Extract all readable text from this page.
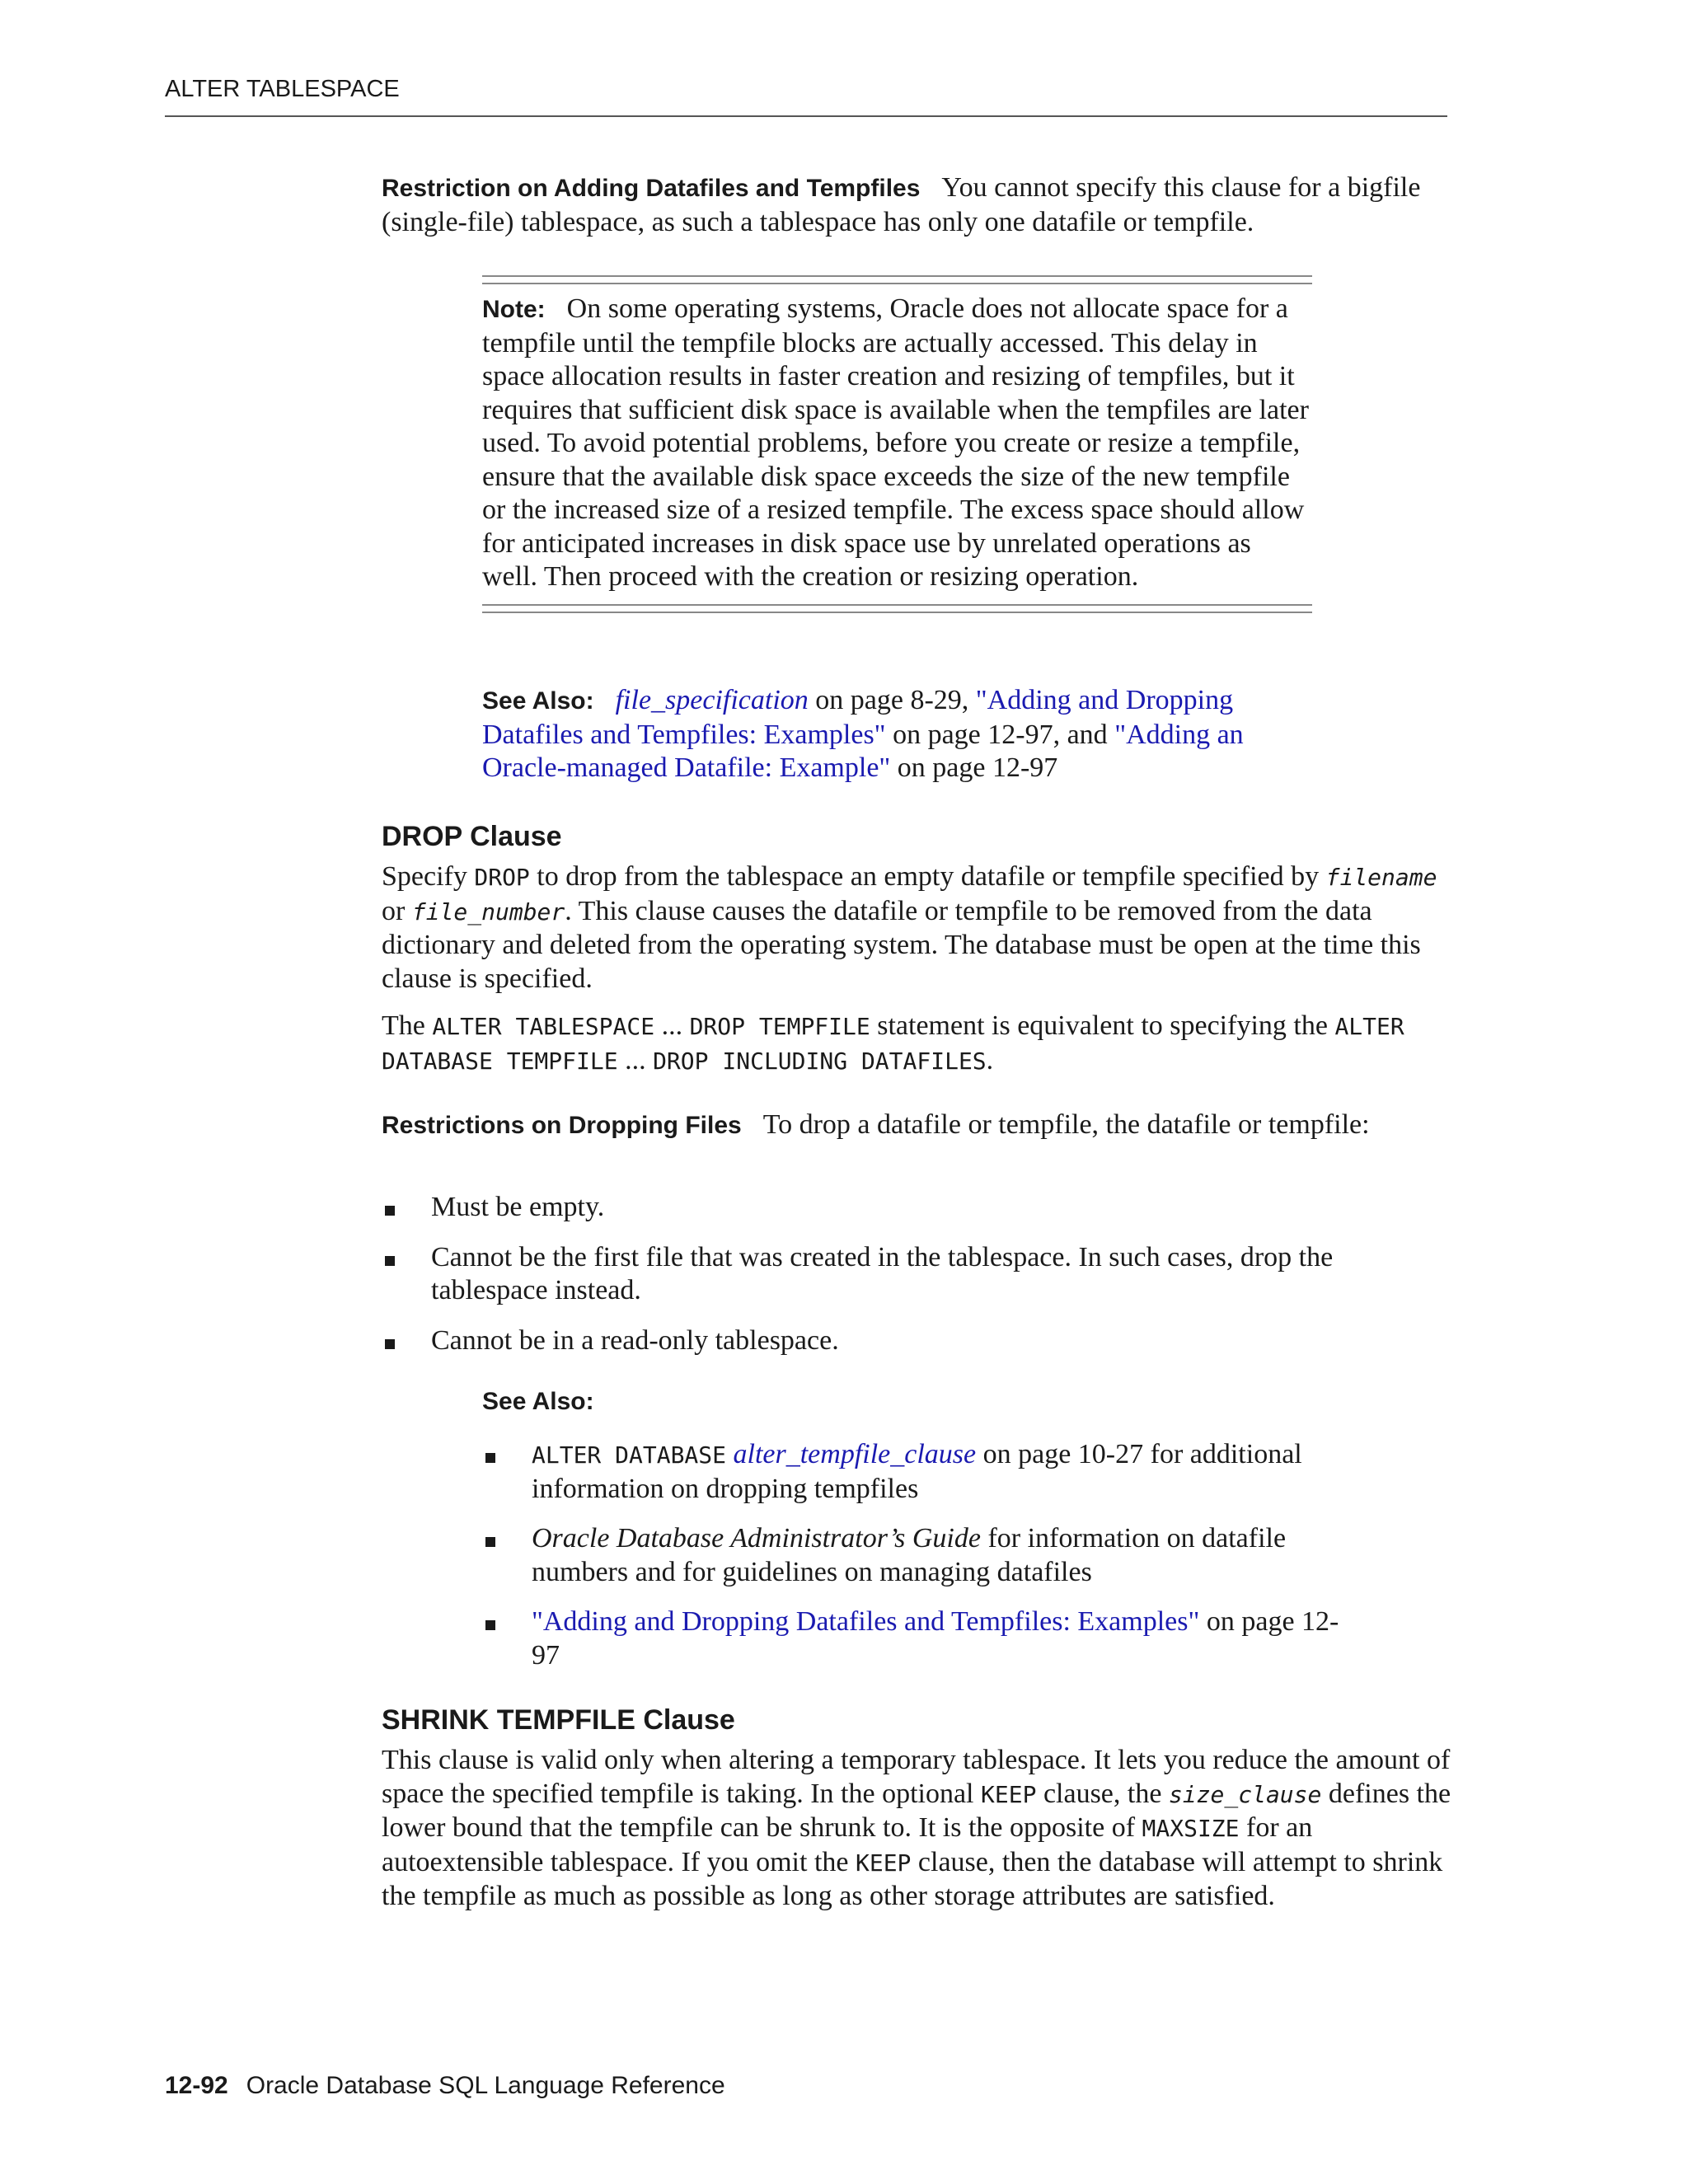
ALTER TABLESPACE
Restriction on Adding Datafiles and Tempfiles You cannot specify this clause for a bigfile (single-file) tablespace, as such a tablespace has only one datafile or tempfile.
Note: On some operating systems, Oracle does not allocate space for a tempfile until the tempfile blocks are actually accessed. This delay in space allocation results in faster creation and resizing of tempfiles, but it requires that sufficient disk space is available when the tempfiles are later used. To avoid potential problems, before you create or resize a tempfile, ensure that the available disk space exceeds the size of the new tempfile or the increased size of a resized tempfile. The excess space should allow for anticipated increases in disk space use by unrelated operations as well. Then proceed with the creation or resizing operation.
See Also: file_specification on page 8-29, "Adding and Dropping Datafiles and Tempfiles: Examples" on page 12-97, and "Adding an Oracle-managed Datafile: Example" on page 12-97
DROP Clause
Specify DROP to drop from the tablespace an empty datafile or tempfile specified by filename or file_number. This clause causes the datafile or tempfile to be removed from the data dictionary and deleted from the operating system. The database must be open at the time this clause is specified.
The ALTER TABLESPACE ... DROP TEMPFILE statement is equivalent to specifying the ALTER DATABASE TEMPFILE ... DROP INCLUDING DATAFILES.
Restrictions on Dropping Files To drop a datafile or tempfile, the datafile or tempfile:
Must be empty.
Cannot be the first file that was created in the tablespace. In such cases, drop the tablespace instead.
Cannot be in a read-only tablespace.
See Also:
ALTER DATABASE alter_tempfile_clause on page 10-27 for additional information on dropping tempfiles
Oracle Database Administrator’s Guide for information on datafile numbers and for guidelines on managing datafiles
"Adding and Dropping Datafiles and Tempfiles: Examples" on page 12-97
SHRINK TEMPFILE Clause
This clause is valid only when altering a temporary tablespace. It lets you reduce the amount of space the specified tempfile is taking. In the optional KEEP clause, the size_clause defines the lower bound that the tempfile can be shrunk to. It is the opposite of MAXSIZE for an autoextensible tablespace. If you omit the KEEP clause, then the database will attempt to shrink the tempfile as much as possible as long as other storage attributes are satisfied.
12-92 Oracle Database SQL Language Reference
